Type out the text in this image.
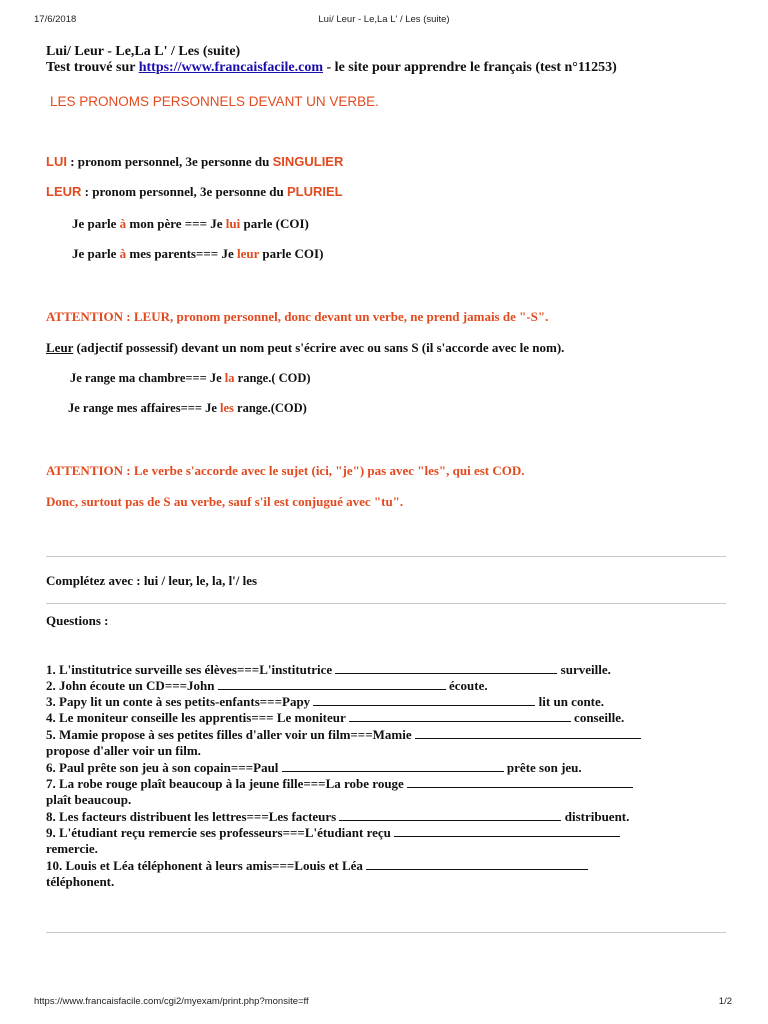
17/6/2018	Lui/ Leur - Le,La L' / Les (suite)
Lui/ Leur - Le,La L' / Les (suite)
Test trouvé sur https://www.francaisfacile.com - le site pour apprendre le français (test n°11253)
LES PRONOMS PERSONNELS DEVANT UN VERBE.
LUI : pronom personnel, 3e personne du SINGULIER
LEUR : pronom personnel, 3e personne du PLURIEL
Je parle à mon père === Je lui parle (COI)
Je parle à mes parents=== Je leur parle COI)
ATTENTION : LEUR, pronom personnel, donc devant un verbe, ne prend jamais de "-S".
Leur (adjectif possessif) devant un nom peut s'écrire avec ou sans S (il s'accorde avec le nom).
Je range ma chambre=== Je la range.( COD)
Je range mes affaires=== Je les range.(COD)
ATTENTION : Le verbe s'accorde avec le sujet (ici, "je") pas avec "les", qui est COD.
Donc, surtout pas de S au verbe, sauf s'il est conjugué avec "tu".
Complétez avec : lui / leur, le, la, l'/ les
Questions :
1. L'institutrice surveille ses élèves===L'institutrice	surveille.
2. John écoute un CD===John	écoute.
3. Papy lit un conte à ses petits-enfants===Papy	lit un conte.
4. Le moniteur conseille les apprentis=== Le moniteur	conseille.
5. Mamie propose à ses petites filles d'aller voir un film===Mamie
propose d'aller voir un film.
6. Paul prête son jeu à son copain===Paul	prête son jeu.
7. La robe rouge plaît beaucoup à la jeune fille===La robe rouge
plaît beaucoup.
8. Les facteurs distribuent les lettres===Les facteurs	distribuent.
9. L'étudiant reçu remercie ses professeurs===L'étudiant reçu
remercie.
10. Louis et Léa téléphonent à leurs amis===Louis et Léa
téléphonent.
https://www.francaisfacile.com/cgi2/myexam/print.php?monsite=ff	1/2
